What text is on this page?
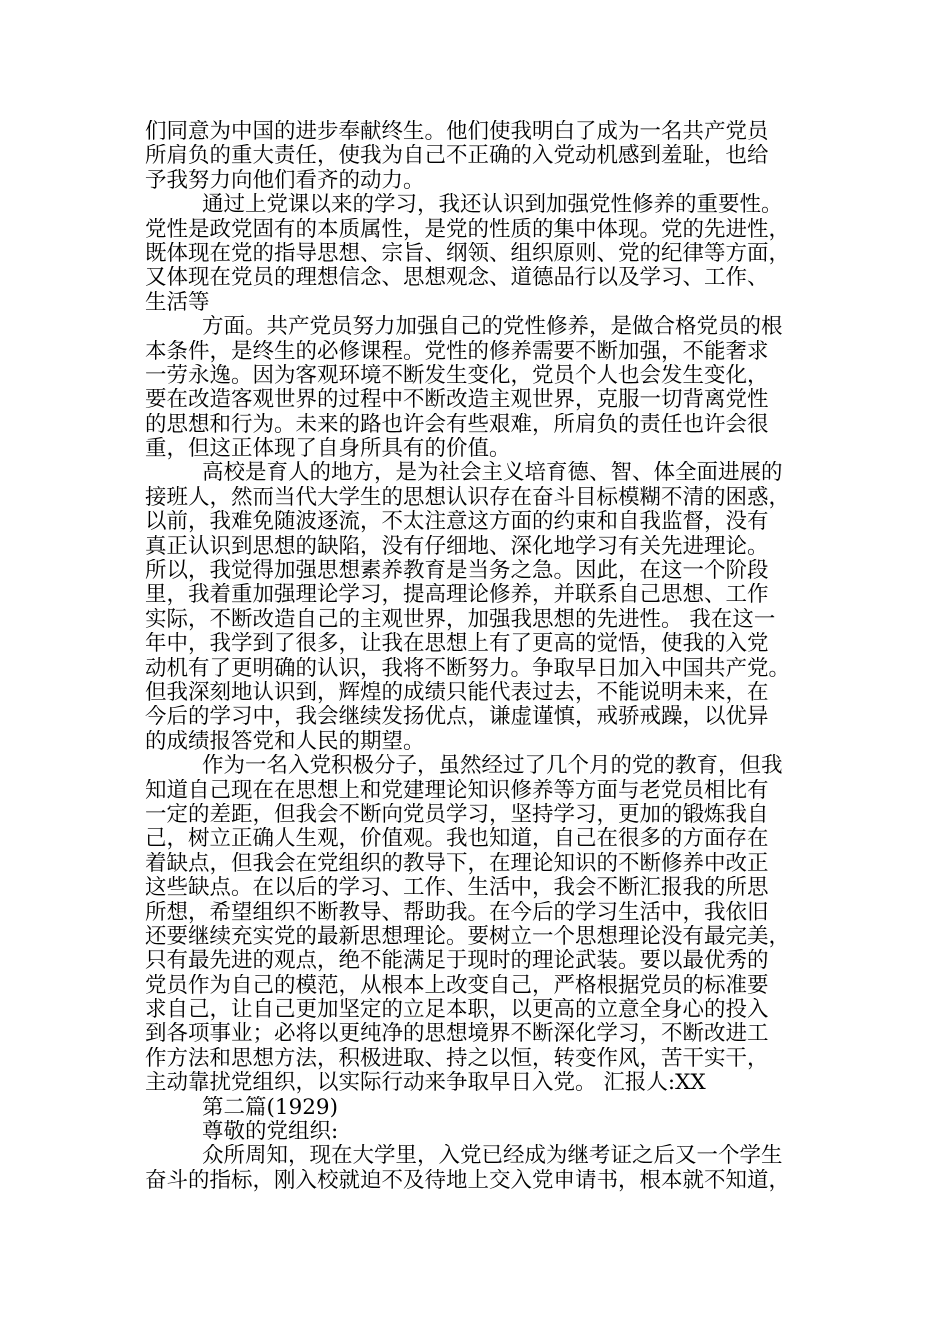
们同意为中国的进步奉献终生。他们使我明白了成为一名共产党员
所肩负的重大责任，使我为自己不正确的入党动机感到羞耻，也给
予我努力向他们看齐的动力。
通过上党课以来的学习，我还认识到加强党性修养的重要性。
党性是政党固有的本质属性，是党的性质的集中体现。党的先进性，
既体现在党的指导思想、宗旨、纲领、组织原则、党的纪律等方面，
又体现在党员的理想信念、思想观念、道德品行以及学习、工作、
生活等
方面。共产党员努力加强自己的党性修养，是做合格党员的根
本条件，是终生的必修课程。党性的修养需要不断加强，不能奢求
一劳永逸。因为客观环境不断发生变化，党员个人也会发生变化，
要在改造客观世界的过程中不断改造主观世界，克服一切背离党性
的思想和行为。未来的路也许会有些艰难，所肩负的责任也许会很
重，但这正体现了自身所具有的价值。
高校是育人的地方，是为社会主义培育德、智、体全面进展的
接班人，然而当代大学生的思想认识存在奋斗目标模糊不清的困惑，
以前，我难免随波逐流，不太注意这方面的约束和自我监督，没有
真正认识到思想的缺陷，没有仔细地、深化地学习有关先进理论。
所以，我觉得加强思想素养教育是当务之急。因此，在这一个阶段
里，我着重加强理论学习，提高理论修养，并联系自己思想、工作
实际，不断改造自己的主观世界，加强我思想的先进性。 我在这一
年中，我学到了很多，让我在思想上有了更高的觉悟，使我的入党
动机有了更明确的认识，我将不断努力。争取早日加入中国共产党。
但我深刻地认识到，辉煌的成绩只能代表过去，不能说明未来，在
今后的学习中，我会继续发扬优点，谦虚谨慎，戒骄戒躁，以优异
的成绩报答党和人民的期望。
作为一名入党积极分子，虽然经过了几个月的党的教育，但我
知道自己现在在思想上和党建理论知识修养等方面与老党员相比有
一定的差距，但我会不断向党员学习，坚持学习，更加的锻炼我自
己，树立正确人生观，价值观。我也知道，自己在很多的方面存在
着缺点，但我会在党组织的教导下，在理论知识的不断修养中改正
这些缺点。在以后的学习、工作、生活中，我会不断汇报我的所思
所想，希望组织不断教导、帮助我。在今后的学习生活中，我依旧
还要继续充实党的最新思想理论。要树立一个思想理论没有最完美，
只有最先进的观点，绝不能满足于现时的理论武装。要以最优秀的
党员作为自己的模范，从根本上改变自己，严格根据党员的标准要
求自己，让自己更加坚定的立足本职，以更高的立意全身心的投入
到各项事业；必将以更纯净的思想境界不断深化学习，不断改进工
作方法和思想方法，积极进取、持之以恒，转变作风，苦干实干，
主动靠扰党组织，以实际行动来争取早日入党。 汇报人:XX
第二篇(1929)
尊敬的党组织:
众所周知，现在大学里，入党已经成为继考证之后又一个学生
奋斗的指标，刚入校就迫不及待地上交入党申请书，根本就不知道，
